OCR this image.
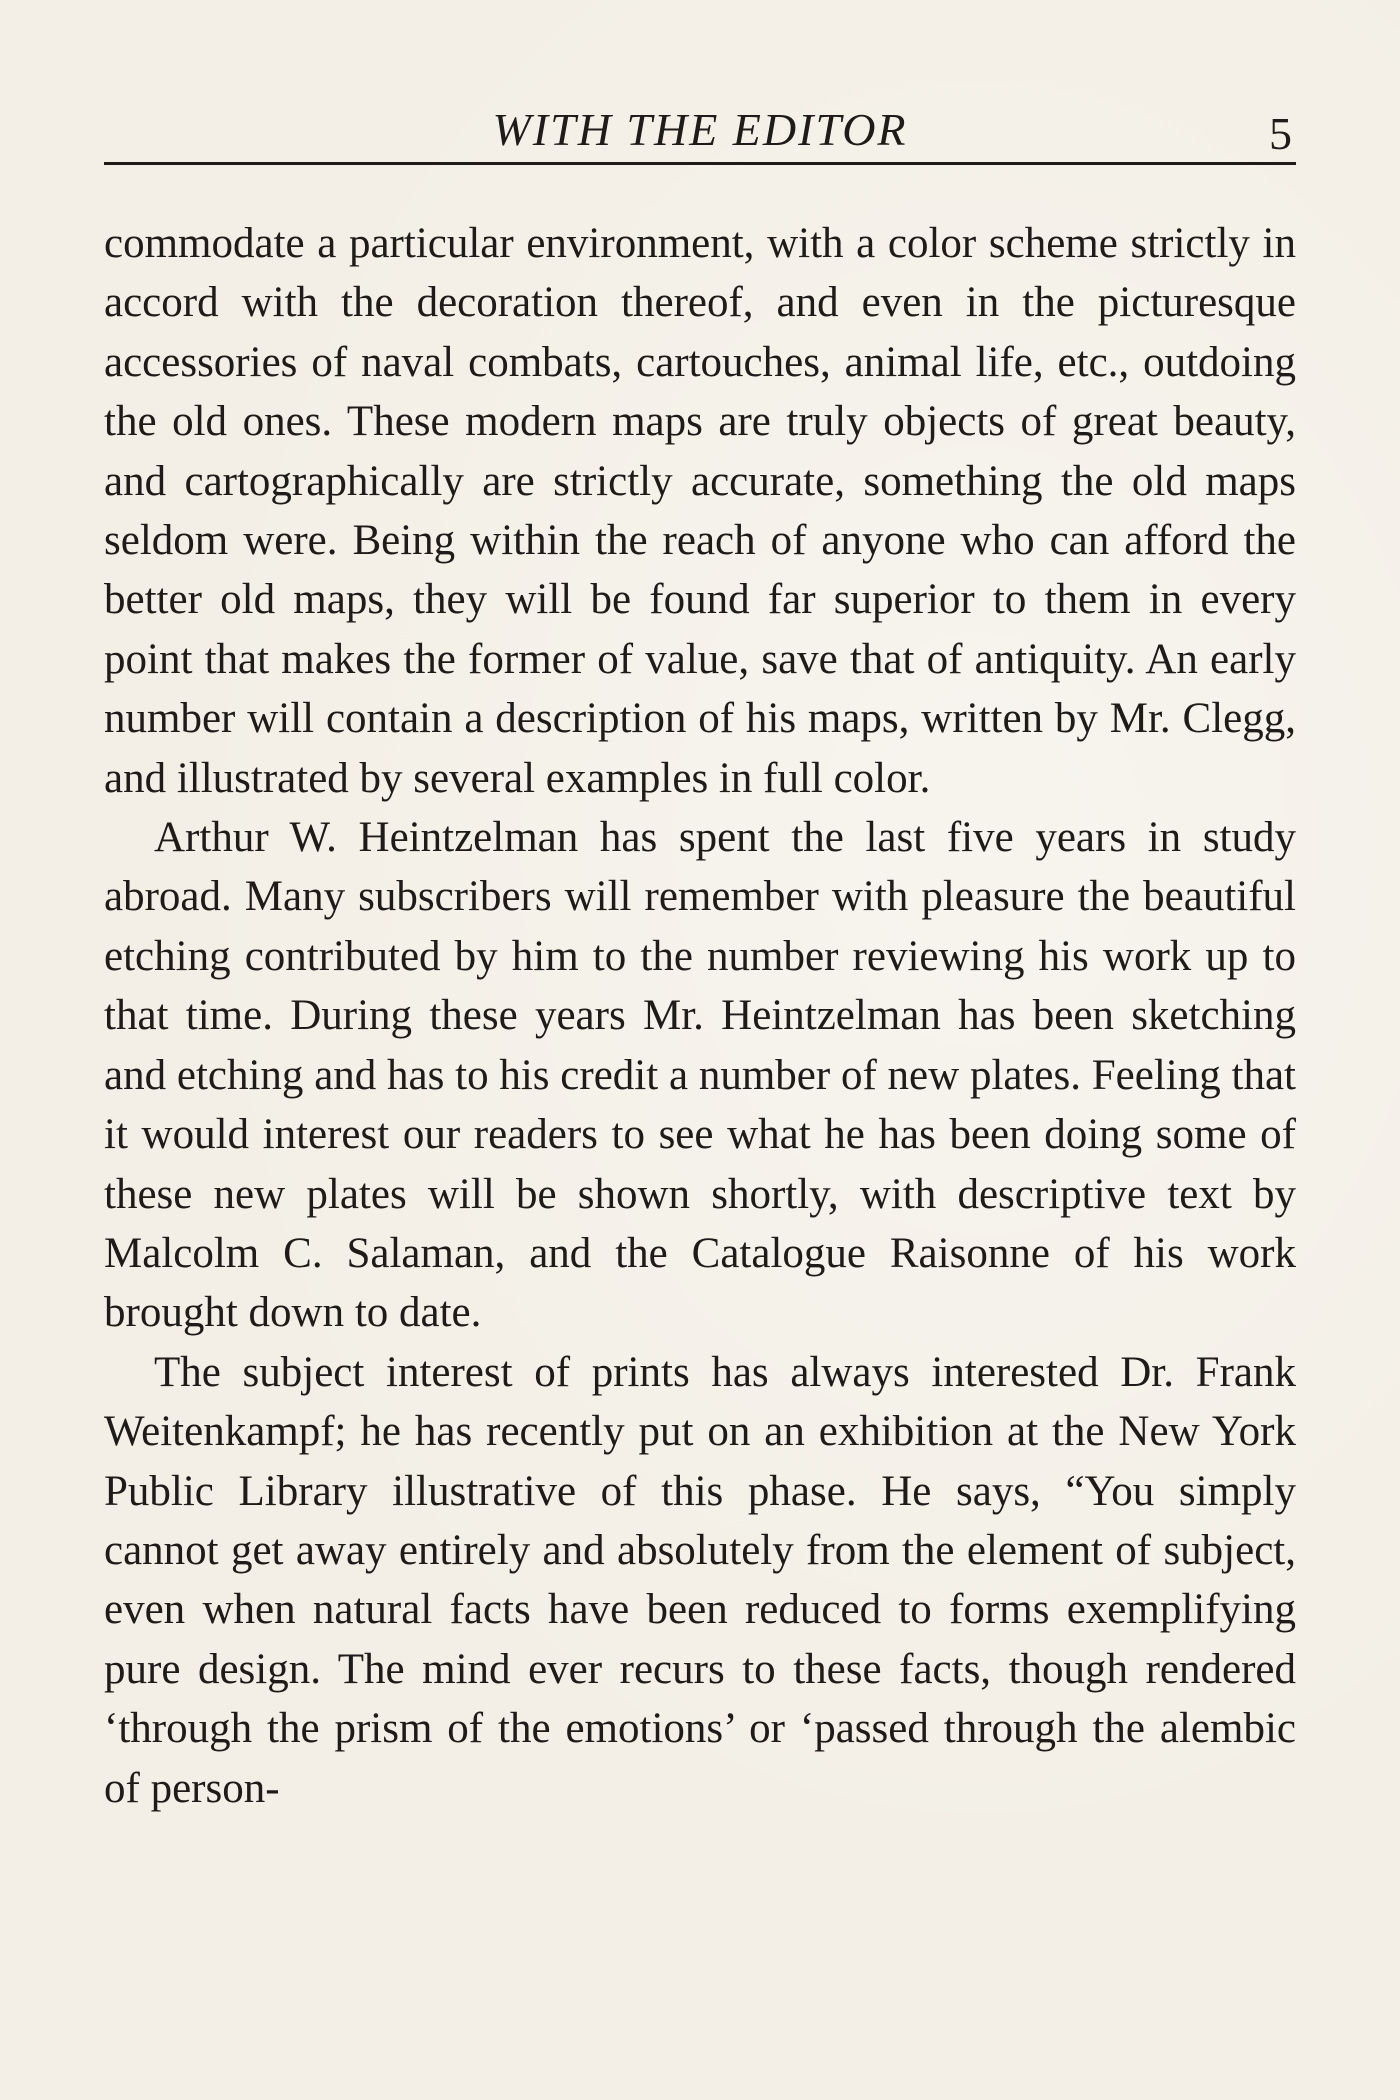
WITH THE EDITOR	5

commodate a particular environment, with a color scheme strictly in accord with the decoration thereof, and even in the picturesque accessories of naval combats, cartouches, animal life, etc., outdoing the old ones. These modern maps are truly objects of great beauty, and cartographically are strictly accurate, something the old maps seldom were. Being within the reach of anyone who can afford the better old maps, they will be found far superior to them in every point that makes the former of value, save that of antiquity. An early number will contain a description of his maps, written by Mr. Clegg, and illustrated by several examples in full color.

Arthur W. Heintzelman has spent the last five years in study abroad. Many subscribers will remember with pleasure the beautiful etching contributed by him to the number reviewing his work up to that time. During these years Mr. Heintzelman has been sketching and etching and has to his credit a number of new plates. Feeling that it would interest our readers to see what he has been doing some of these new plates will be shown shortly, with descriptive text by Malcolm C. Salaman, and the Catalogue Raisonne of his work brought down to date.

The subject interest of prints has always interested Dr. Frank Weitenkampf; he has recently put on an exhibition at the New York Public Library illustrative of this phase. He says, “You simply cannot get away entirely and absolutely from the element of subject, even when natural facts have been reduced to forms exemplifying pure design. The mind ever recurs to these facts, though rendered ‘through the prism of the emotions’ or ‘passed through the alembic of person-
